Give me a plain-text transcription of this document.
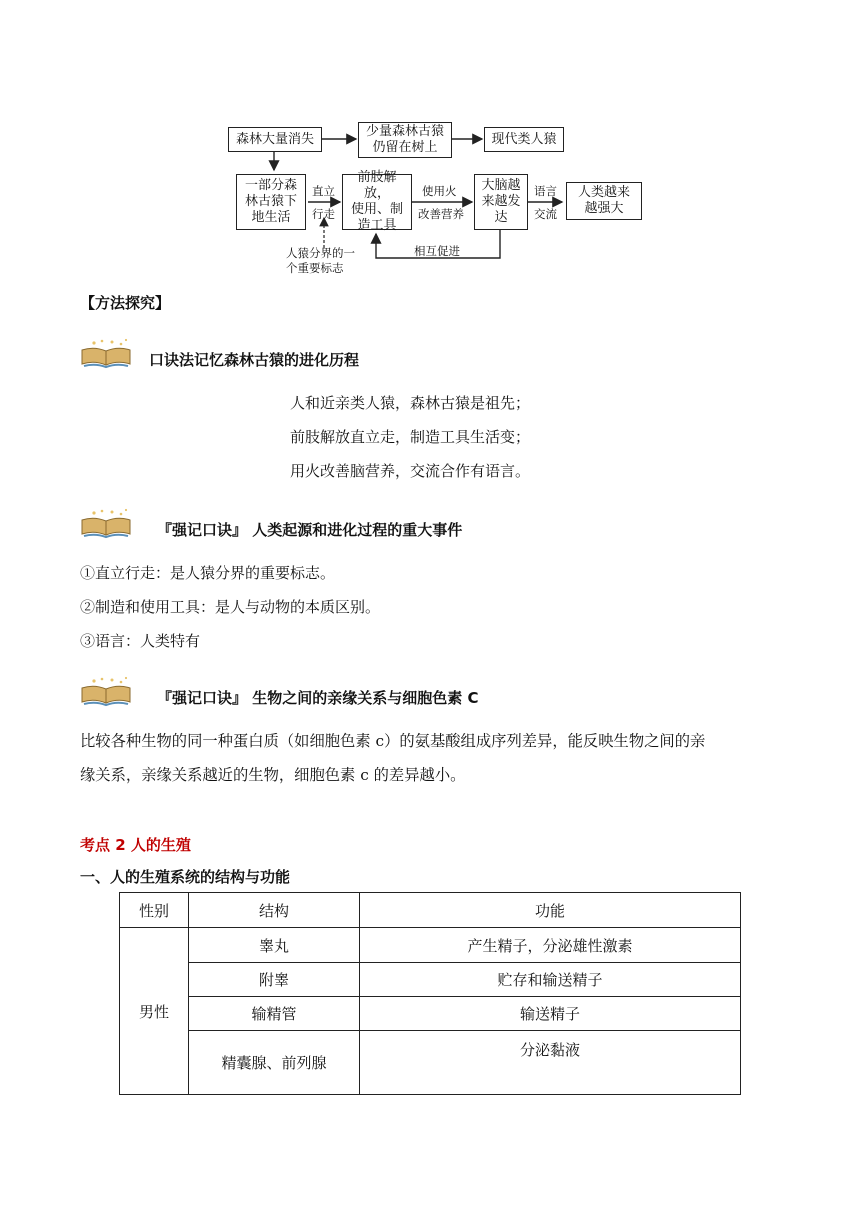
森林大量消失	少量森林古猿
仍留在树上
现代类人猿
一部分森
林古猿下
地生活
直立
行走
前肢解放，
使用、制
造工具
使用火
改善营养
大脑越
来越发
达
语言
交流
人类越来
越强大
相互促进
人猿分界的一
个重要标志
【方法探究】
口诀法记忆森林古猿的进化历程
人和近亲类人猿，森林古猿是祖先；
前肢解放直立走，制造工具生活变；
用火改善脑营养，交流合作有语言。
『强记口诀』 人类起源和进化过程的重大事件
①直立行走：是人猿分界的重要标志。
②制造和使用工具：是人与动物的本质区别。
③语言：人类特有
『强记口诀』 生物之间的亲缘关系与细胞色素 C
比较各种生物的同一种蛋白质（如细胞色素 c）的氨基酸组成序列差异，能反映生物之间的亲
缘关系，亲缘关系越近的生物，细胞色素 c 的差异越小。
考点 2 人的生殖
一、人的生殖系统的结构与功能
性别	结构	功能
男性	睾丸	产生精子，分泌雄性激素
	附睾	贮存和输送精子
	输精管	输送精子
	精囊腺、前列腺	分泌黏液
